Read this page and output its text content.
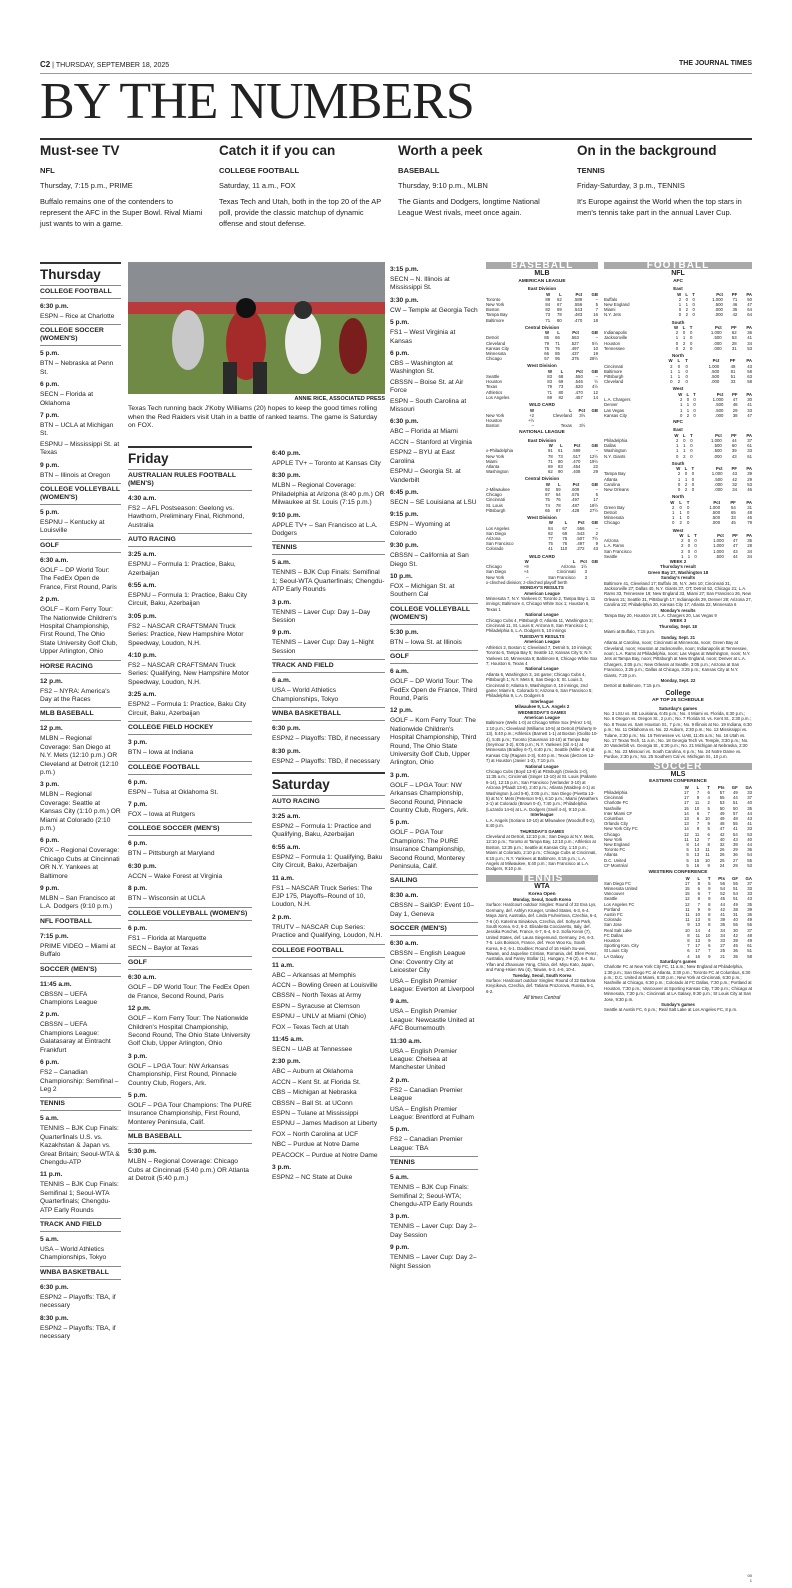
C2 | THURSDAY, SEPTEMBER 18, 2025	THE JOURNAL TIMES
BY THE NUMBERS
Must-see TV
NFL
Thursday, 7:15 p.m., PRIME
Buffalo remains one of the contenders to represent the AFC in the Super Bowl. Rival Miami just wants to win a game.
Catch it if you can
COLLEGE FOOTBALL
Saturday, 11 a.m., FOX
Texas Tech and Utah, both in the top 20 of the AP poll, provide the classic matchup of dynamic offense and stout defense.
Worth a peek
BASEBALL
Thursday, 9:10 p.m., MLBN
The Giants and Dodgers, longtime National League West rivals, meet once again.
On in the background
TENNIS
Friday-Saturday, 3 p.m., TENNIS
It's Europe against the World when the top stars in men's tennis take part in the annual Laver Cup.
Thursday
COLLEGE FOOTBALL
6:30 p.m.
ESPN – Rice at Charlotte
COLLEGE SOCCER (WOMEN'S)
5 p.m.
BTN – Nebraska at Penn St.
6 p.m.
SECN – Florida at Oklahoma
7 p.m.
BTN – UCLA at Michigan St.
ESPNU – Mississippi St. at Texas
9 p.m.
BTN – Illinois at Oregon
COLLEGE VOLLEYBALL (WOMEN'S)
5 p.m.
ESPNU – Kentucky at Louisville
GOLF
6:30 a.m.
GOLF – DP World Tour: The FedEx Open de France, First Round, Paris
2 p.m.
GOLF – Korn Ferry Tour: The Nationwide Children's Hospital Championship, First Round, The Ohio State University Golf Club, Upper Arlington, Ohio
HORSE RACING
12 p.m.
FS2 – NYRA: America's Day at the Races
MLB BASEBALL
12 p.m.
MLBN – Regional Coverage: San Diego at N.Y. Mets (12:10 p.m.) OR Cleveland at Detroit (12:10 p.m.)
3 p.m.
MLBN – Regional Coverage: Seattle at Kansas City (1:10 p.m.) OR Miami at Colorado (2:10 p.m.)
6 p.m.
FOX – Regional Coverage: Chicago Cubs at Cincinnati OR N.Y. Yankees at Baltimore
9 p.m.
MLBN – San Francisco at L.A. Dodgers (9:10 p.m.)
NFL FOOTBALL
7:15 p.m.
PRIME VIDEO – Miami at Buffalo
SOCCER (MEN'S)
11:45 a.m.
CBSSN – UEFA Champions League
2 p.m.
CBSSN – UEFA Champions League: Galatasaray at Eintracht Frankfurt
6 p.m.
FS2 – Canadian Championship: Semifinal – Leg 2
TENNIS
5 a.m.
TENNIS – BJK Cup Finals: Quarterfinals U.S. vs. Kazakhstan & Japan vs. Great Britain; Seoul-WTA & Chengdu-ATP
11 p.m.
TENNIS – BJK Cup Finals: Semifinal 1; Seoul-WTA Quarterfinals; Chengdu-ATP Early Rounds
TRACK AND FIELD
5 a.m.
USA – World Athletics Championships, Tokyo
WNBA BASKETBALL
6:30 p.m.
ESPN2 – Playoffs: TBA, if necessary
8:30 p.m.
ESPN2 – Playoffs: TBA, if necessary
ANNIE RICE, ASSOCIATED PRESS
Texas Tech running back J'Koby Williams (20) hopes to keep the good times rolling when the Red Raiders visit Utah in a battle of ranked teams. The game is Saturday on FOX.
Friday
AUSTRALIAN RULES FOOTBALL (MEN'S)
4:30 a.m.
FS2 – AFL Postseason: Geelong vs. Hawthorn, Preliminary Final, Richmond, Australia
AUTO RACING
3:25 a.m.
ESPNU – Formula 1: Practice, Baku, Azerbaijan
6:55 a.m.
ESPNU – Formula 1: Practice, Baku City Circuit, Baku, Azerbaijan
3:05 p.m.
FS2 – NASCAR CRAFTSMAN Truck Series: Practice, New Hampshire Motor Speedway, Loudon, N.H.
4:10 p.m.
FS2 – NASCAR CRAFTSMAN Truck Series: Qualifying, New Hampshire Motor Speedway, Loudon, N.H.
3:25 a.m.
ESPN2 – Formula 1: Practice, Baku City Circuit, Baku, Azerbaijan
COLLEGE FIELD HOCKEY
3 p.m.
BTN – Iowa at Indiana
COLLEGE FOOTBALL
6 p.m.
ESPN – Tulsa at Oklahoma St.
7 p.m.
FOX – Iowa at Rutgers
COLLEGE SOCCER (MEN'S)
6 p.m.
BTN – Pittsburgh at Maryland
6:30 p.m.
ACCN – Wake Forest at Virginia
8 p.m.
BTN – Wisconsin at UCLA
COLLEGE VOLLEYBALL (WOMEN'S)
6 p.m.
FS1 – Florida at Marquette
SECN – Baylor at Texas
GOLF
6:30 a.m.
GOLF – DP World Tour: The FedEx Open de France, Second Round, Paris
12 p.m.
GOLF – Korn Ferry Tour: The Nationwide Children's Hospital Championship, Second Round, The Ohio State University Golf Club, Upper Arlington, Ohio
3 p.m.
GOLF – LPGA Tour: NW Arkansas Championship, First Round, Pinnacle Country Club, Rogers, Ark.
5 p.m.
GOLF – PGA Tour Champions: The PURE Insurance Championship, First Round, Monterey Peninsula, Calif.
MLB BASEBALL
5:30 p.m.
MLBN – Regional Coverage: Chicago Cubs at Cincinnati (5:40 p.m.) OR Atlanta at Detroit (5:40 p.m.)
6:40 p.m.
APPLE TV+ – Toronto at Kansas City
8:30 p.m.
MLBN – Regional Coverage: Philadelphia at Arizona (8:40 p.m.) OR Milwaukee at St. Louis (7:15 p.m.)
9:10 p.m.
APPLE TV+ – San Francisco at L.A. Dodgers
TENNIS
5 a.m.
TENNIS – BJK Cup Finals: Semifinal 1; Seoul-WTA Quarterfinals; Chengdu-ATP Early Rounds
3 p.m.
TENNIS – Laver Cup: Day 1–Day Session
9 p.m.
TENNIS – Laver Cup: Day 1–Night Session
TRACK AND FIELD
6 a.m.
USA – World Athletics Championships, Tokyo
WNBA BASKETBALL
6:30 p.m.
ESPN2 – Playoffs: TBD, if necessary
8:30 p.m.
ESPN2 – Playoffs: TBD, if necessary
Saturday
AUTO RACING
3:25 a.m.
ESPN2 – Formula 1: Practice and Qualifying, Baku, Azerbaijan
6:55 a.m.
ESPN2 – Formula 1: Qualifying, Baku City Circuit, Baku, Azerbaijan
11 a.m.
FS1 – NASCAR Truck Series: The EJP 175, Playoffs–Round of 10, Loudon, N.H.
2 p.m.
TRUTV – NASCAR Cup Series: Practice and Qualifying, Loudon, N.H.
COLLEGE FOOTBALL
11 a.m.
ABC – Arkansas at Memphis
ACCN – Bowling Green at Louisville
CBSSN – North Texas at Army
ESPN – Syracuse at Clemson
ESPNU – UNLV at Miami (Ohio)
FOX – Texas Tech at Utah
11:45 a.m.
SECN – UAB at Tennessee
2:30 p.m.
ABC – Auburn at Oklahoma
ACCN – Kent St. at Florida St.
CBS – Michigan at Nebraska
CBSSN – Ball St. at UConn
ESPN – Tulane at Mississippi
ESPNU – James Madison at Liberty
FOX – North Carolina at UCF
NBC – Purdue at Notre Dame
PEACOCK – Purdue at Notre Dame
3 p.m.
ESPN2 – NC State at Duke
3:15 p.m.
SECN – N. Illinois at Mississippi St.
3:30 p.m.
CW – Temple at Georgia Tech
5 p.m.
FS1 – West Virginia at Kansas
6 p.m.
CBS – Washington at Washington St.
CBSSN – Boise St. at Air Force
ESPN – South Carolina at Missouri
6:30 p.m.
ABC – Florida at Miami
ACCN – Stanford at Virginia
ESPN2 – BYU at East Carolina
ESPNU – Georgia St. at Vanderbilt
6:45 p.m.
SECN – SE Louisiana at LSU
9:15 p.m.
ESPN – Wyoming at Colorado
9:30 p.m.
CBSSN – California at San Diego St.
10 p.m.
FOX – Michigan St. at Southern Cal
COLLEGE VOLLEYBALL (WOMEN'S)
5:30 p.m.
BTN – Iowa St. at Illinois
GOLF
6 a.m.
GOLF – DP World Tour: The FedEx Open de France, Third Round, Paris
12 p.m.
GOLF – Korn Ferry Tour: The Nationwide Children's Hospital Championship, Third Round, The Ohio State University Golf Club, Upper Arlington, Ohio
3 p.m.
GOLF – LPGA Tour: NW Arkansas Championship, Second Round, Pinnacle Country Club, Rogers, Ark.
5 p.m.
GOLF – PGA Tour Champions: The PURE Insurance Championship, Second Round, Monterey Peninsula, Calif.
SAILING
8:30 a.m.
CBSSN – SailGP: Event 10–Day 1, Geneva
SOCCER (MEN'S)
6:30 a.m.
CBSSN – English League One: Coventry City at Leicester City
USA – English Premier League: Everton at Liverpool
9 a.m.
USA – English Premier League: Newcastle United at AFC Bournemouth
11:30 a.m.
USA – English Premier League: Chelsea at Manchester United
2 p.m.
FS2 – Canadian Premier League
USA – English Premier League: Brentford at Fulham
5 p.m.
FS2 – Canadian Premier League: TBA
TENNIS
5 a.m.
TENNIS – BJK Cup Finals: Semifinal 2; Seoul-WTA; Chengdu-ATP Early Rounds
3 p.m.
TENNIS – Laver Cup: Day 2–Day Session
9 p.m.
TENNIS – Laver Cup: Day 2–Night Session
BASEBALL
MLB
AMERICAN LEAGUE
East Division
	W	L	Pct	GB
Toronto	89	62	.589	–
New York	84	67	.556	5
Boston	82	69	.543	7
Tampa Bay	73	78	.483	16
Baltimore	71	80	.470	18
Central Division
	W	L	Pct	GB
Detroit	85	66	.563	–
Cleveland	79	71	.527	5½
Kansas City	75	76	.497	10
Minnesota	66	85	.437	19
Chicago	57	95	.375	28½
West Division
	W	L	Pct	GB
Seattle	83	68	.550	–
Houston	83	69	.546	½
Texas	79	73	.520	4½
Athletics	71	80	.470	12
Los Angeles	69	82	.457	14
WILD CARD
	W	L	Pct	GB
New York	+2	Cleveland	3½	
Houston	+½			
Boston	–	Texas	3½	
NATIONAL LEAGUE
East Division
	W	L	Pct	GB
x-Philadelphia	91	61	.599	–
New York	78	73	.517	12½
Miami	71	80	.470	19½
Atlanta	69	83	.454	22
Washington	62	90	.408	29
Central Division
	W	L	Pct	GB
z-Milwaukee	92	59	.609	–
Chicago	87	64	.576	5
Cincinnati	75	76	.497	17
St. Louis	74	78	.487	18½
Pittsburgh	65	87	.428	27½
West Division
	W	L	Pct	GB
Los Angeles	84	67	.556	–
San Diego	82	69	.543	2
Arizona	77	75	.507	7½
San Francisco	75	76	.497	9
Colorado	41	110	.272	43
WILD CARD
	W	L	Pct	GB
Chicago	+9	Arizona	1½	
San Diego	+4	Cincinnati	3	
New York	–	San Francisco	3	
x-clinched division; z-clinched playoff berth
MONDAY'S RESULTS
American League
Minnesota 7, N.Y. Yankees 0; Toronto 2, Tampa Bay 1, 11 innings; Baltimore 4, Chicago White Sox 1; Houston 6, Texas 1
National League
Chicago Cubs 4, Pittsburgh 0; Atlanta 11, Washington 3; Cincinnati 11, St. Louis 6; Arizona 8, San Francisco 1; Philadelphia 6, L.A. Dodgers 5, 10 innings
TUESDAY'S RESULTS
American League
Athletics 2, Boston 1; Cleveland 7, Detroit 5, 10 innings; Toronto 6, Tampa Bay 5; Seattle 12, Kansas City 5; N.Y. Yankees 10, Minnesota 9; Baltimore 8, Chicago White Sox 7; Houston 6, Texas 4
National League
Atlanta 6, Washington 3, 1st game; Chicago Cubs 4, Pittsburgh 1; N.Y. Mets 8, San Diego 5; St. Louis 3, Cincinnati 0; Atlanta 5, Washington 0, 10 innings, 2nd game; Miami 6, Colorado 5; Arizona 6, San Francisco 5; Philadelphia 9, L.A. Dodgers 6
Interleague
Milwaukee 9, L.A. Angels 2
WEDNESDAY'S GAMES
American League
Baltimore (Wells 1-0) at Chicago White Sox (Pérez 1-5), 1:10 p.m.; Cleveland (Williams 10-5) at Detroit (Flaherty 8-13), 5:40 p.m.; Athletics (Barnett 1-1) at Boston (Giolito 10-4), 5:45 p.m.; Toronto (Gausman 10-10) at Tampa Bay (Seymour 3-2), 6:05 p.m.; N.Y. Yankees (Gil 4-1) at Minnesota (Bradley 6-7), 6:40 p.m.; Seattle (Miller 4-5) at Kansas City (Ragans 2-3), 6:40 p.m.; Texas (deGrom 12-7) at Houston (Javier 1-3), 7:10 p.m.
National League
Chicago Cubs (Boyd 13-8) at Pittsburgh (Oviedo 2-0), 11:35 a.m.; Cincinnati (Singer 13-10) at St. Louis (Pallante 6-14), 12:15 p.m.; San Francisco (Verlander 3-10) at Arizona (Pfaadt 13-8), 2:40 p.m.; Atlanta (Waldrep 4-1) at Washington (Lord 5-8), 3:05 p.m.; San Diego (Pivetta 13-5) at N.Y. Mets (Peterson 9-5), 6:10 p.m.; Miami (Weathers 2-1) at Colorado (Brown 0-4), 7:40 p.m.; Philadelphia (Luzardo 14-6) at L.A. Dodgers (Snell 4-4), 9:10 p.m.
Interleague
L.A. Angels (Soriano 10-10) at Milwaukee (Woodruff 6-2), 6:40 p.m.
THURSDAY'S GAMES
Cleveland at Detroit, 12:10 p.m.; San Diego at N.Y. Mets, 12:10 p.m.; Toronto at Tampa Bay, 12:10 p.m.; Athletics at Boston, 12:35 p.m.; Seattle at Kansas City, 1:10 p.m.; Miami at Colorado, 2:10 p.m.; Chicago Cubs at Cincinnati, 6:15 p.m.; N.Y. Yankees at Baltimore, 6:15 p.m.; L.A. Angels at Milwaukee, 6:40 p.m.; San Francisco at L.A. Dodgers, 9:10 p.m.
TENNIS
WTA
Korea Open
Monday, Seoul, South Korea
Surface: Hardcourt outdoor Singles: Round of 32 Eva Lys, Germany, def. Ashlyn Krueger, United States, 6-3, 6-4. Maya Joint, Australia, def. Linda Fruhvirtova, Czechia, 6-4, 7-6 (4). Katerina Siniakova, Czechia, def. Sohyun Park, South Korea, 6-2, 6-2. Elisabetta Cocciaretto, Italy, def. Jessika Ponchet, France, 6-7, 6-4, 6-2. Sofia Kenin (7), United States, def. Laura Siegemund, Germany, 2-6, 6-3, 7-5. Lois Boisson, France, def. Yeon Woo Ku, South Korea, 6-2, 6-1. Doubles: Round of 16 Hsieh Su-wei, Taiwan, and Jaqueline Cristian, Romania, def. Ellen Perez, Australia, and Fanny Stollar (1), Hungary, 7-6 (2), 6-4. Xu Yifan and Zhaoxuan Yang, China, def. Miyu Kato, Japan, and Fang-Hsien Wu (4), Taiwan, 6-3, 4-6, 10-4.
Tuesday, Seoul, South Korea
Surface: Hardcourt outdoor Singles: Round of 32 Barbora Krejcikova, Czechia, def. Tatiana Prozorova, Russia, 6-1, 6-2.
All times Central
FOOTBALL
NFL
AFC
East
	W	L	T	Pct	PF	PA
Buffalo	2	0	0	1.000	71	50
New England	1	1	0	.500	46	47
Miami	0	2	0	.000	35	64
N.Y. Jets	0	2	0	.000	42	64
South
	W	L	T	Pct	PF	PA
Indianapolis	2	0	0	1.000	62	36
Jacksonville	1	1	0	.500	53	41
Houston	0	2	0	.000	28	34
Tennessee	0	2	0	.000	31	53
North
	W	L	T	Pct	PF	PA
Cincinnati	2	0	0	1.000	48	43
Baltimore	1	1	0	.500	81	58
Pittsburgh	1	1	0	.500	51	63
Cleveland	0	2	0	.000	33	58
West
	W	L	T	Pct	PF	PA
L.A. Chargers	2	0	0	1.000	47	30
Denver	1	1	0	.500	48	41
Las Vegas	1	1	0	.500	29	33
Kansas City	0	2	0	.000	38	47
NFC
East
	W	L	T	Pct	PF	PA
Philadelphia	2	0	0	1.000	44	37
Dallas	1	1	0	.500	60	61
Washington	1	1	0	.500	39	33
N.Y. Giants	0	2	0	.000	43	61
South
	W	L	T	Pct	PF	PA
Tampa Bay	2	0	0	1.000	43	39
Atlanta	1	1	0	.500	42	29
Carolina	0	2	0	.000	32	53
New Orleans	0	2	0	.000	34	46
North
	W	L	T	Pct	PF	PA
Green Bay	2	0	0	1.000	54	31
Detroit	1	1	0	.500	65	48
Minnesota	1	1	0	.500	33	46
Chicago	0	2	0	.000	45	79
West
	W	L	T	Pct	PF	PA
Arizona	2	0	0	1.000	47	35
L.A. Rams	2	0	0	1.000	47	28
San Francisco	2	0	0	1.000	43	34
Seattle	1	1	0	.500	44	34
WEEK 2
Thursday's result
Green Bay 27, Washington 18
Sunday's results
Baltimore 41, Cleveland 17; Buffalo 30, N.Y. Jets 10; Cincinnati 31, Jacksonville 27; Dallas 40, N.Y. Giants 37, OT; Detroit 52, Chicago 21; L.A. Rams 33, Tennessee 19; New England 33, Miami 27; San Francisco 26, New Orleans 21; Seattle 31, Pittsburgh 17; Indianapolis 29, Denver 28; Arizona 27, Carolina 22; Philadelphia 20, Kansas City 17; Atlanta 22, Minnesota 6
Monday's results
Tampa Bay 20, Houston 19; L.A. Chargers 20, Las Vegas 9
WEEK 3
Thursday, Sept. 18
Miami at Buffalo, 7:15 p.m.
Sunday, Sept. 21
Atlanta at Carolina, noon; Cincinnati at Minnesota, noon; Green Bay at Cleveland, noon; Houston at Jacksonville, noon; Indianapolis at Tennessee, noon; L.A. Rams at Philadelphia, noon; Las Vegas at Washington, noon; N.Y. Jets at Tampa Bay, noon; Pittsburgh at New England, noon; Denver at L.A. Chargers, 3:05 p.m.; New Orleans at Seattle, 3:05 p.m.; Arizona at San Francisco, 3:25 p.m.; Dallas at Chicago, 3:25 p.m.; Kansas City at N.Y. Giants, 7:20 p.m.
Monday, Sept. 22
Detroit at Baltimore, 7:15 p.m.
College
AP TOP 25 SCHEDULE
Saturday's games
No. 3 LSU vs. SE Louisiana, 6:45 p.m.; No. 4 Miami vs. Florida, 6:30 p.m.; No. 6 Oregon vs. Oregon St., 2 p.m.; No. 7 Florida St. vs. Kent St., 2:30 p.m.; No. 8 Texas vs. Sam Houston St., 7 p.m.; No. 9 Illinois at No. 19 Indiana, 6:30 p.m.; No. 11 Oklahoma vs. No. 22 Auburn, 2:30 p.m.; No. 13 Mississippi vs. Tulane, 2:30 p.m.; No. 15 Tennessee vs. UAB, 11:45 a.m.; No. 16 Utah vs. No. 17 Texas Tech, 11 a.m.; No. 18 Georgia Tech vs. Temple, 3:30 p.m.; No. 20 Vanderbilt vs. Georgia St., 6:30 p.m.; No. 21 Michigan at Nebraska, 2:30 p.m.; No. 23 Missouri vs. South Carolina, 6 p.m.; No. 24 Notre Dame vs. Purdue, 2:30 p.m.; No. 25 Southern Cal vs. Michigan St., 10 p.m.
SOCCER
MLS
EASTERN CONFERENCE
	W	L	T	Pts	GF	GA
Philadelphia	17	7	6	57	49	33
Cincinnati	17	9	4	55	44	37
Charlotte FC	17	11	2	53	51	40
Nashville	15	10	5	50	50	35
Inter Miami CF	14	6	7	49	57	44
Columbus	13	6	10	49	48	43
Orlando City	13	7	9	48	55	41
New York City FC	14	9	5	47	41	33
Chicago	12	11	6	42	54	53
New York	11	12	7	40	43	40
New England	8	14	8	32	39	44
Toronto FC	5	13	11	26	29	36
Atlanta	5	13	11	26	36	54
D.C. United	5	15	10	25	27	55
CF Montréal	5	16	9	24	29	53
WESTERN CONFERENCE
	W	L	T	Pts	GF	GA
San Diego FC	17	8	5	56	55	37
Minnesota United	15	6	9	54	51	33
Vancouver	15	6	7	52	54	33
Seattle	12	8	9	45	51	43
Los Angeles FC	12	7	8	44	49	35
Portland	11	9	9	42	38	39
Austin FC	11	10	8	41	31	36
Colorado	11	13	6	39	40	49
San Jose	9	13	8	35	55	55
Real Salt Lake	10	14	4	34	30	37
FC Dallas	8	11	10	34	42	48
Houston	8	13	9	33	39	49
Sporting Kan. City	7	17	6	27	45	61
St Louis City	6	17	7	25	36	51
LA Galaxy	4	16	9	21	35	58
Saturday's games
Charlotte FC at New York City FC, 11 a.m.; New England at Philadelphia, 1:30 p.m.; San Diego FC at Atlanta, 3:30 p.m.; Toronto FC at Columbus, 6:30 p.m.; D.C. United at Miami, 6:30 p.m.; New York at Cincinnati, 6:30 p.m.; Nashville at Chicago, 6:30 p.m.; Colorado at FC Dallas, 7:30 p.m.; Portland at Houston, 7:30 p.m.; Vancouver at Sporting Kansas City, 7:30 p.m.; Chicago at Minnesota, 7:30 p.m.; Cincinnati at LA Galaxy, 9:30 p.m.; St Louis City at San Jose, 9:30 p.m.
Sunday's games
Seattle at Austin FC, 6 p.m.; Real Salt Lake at Los Angeles FC, 8 p.m.
00
1
